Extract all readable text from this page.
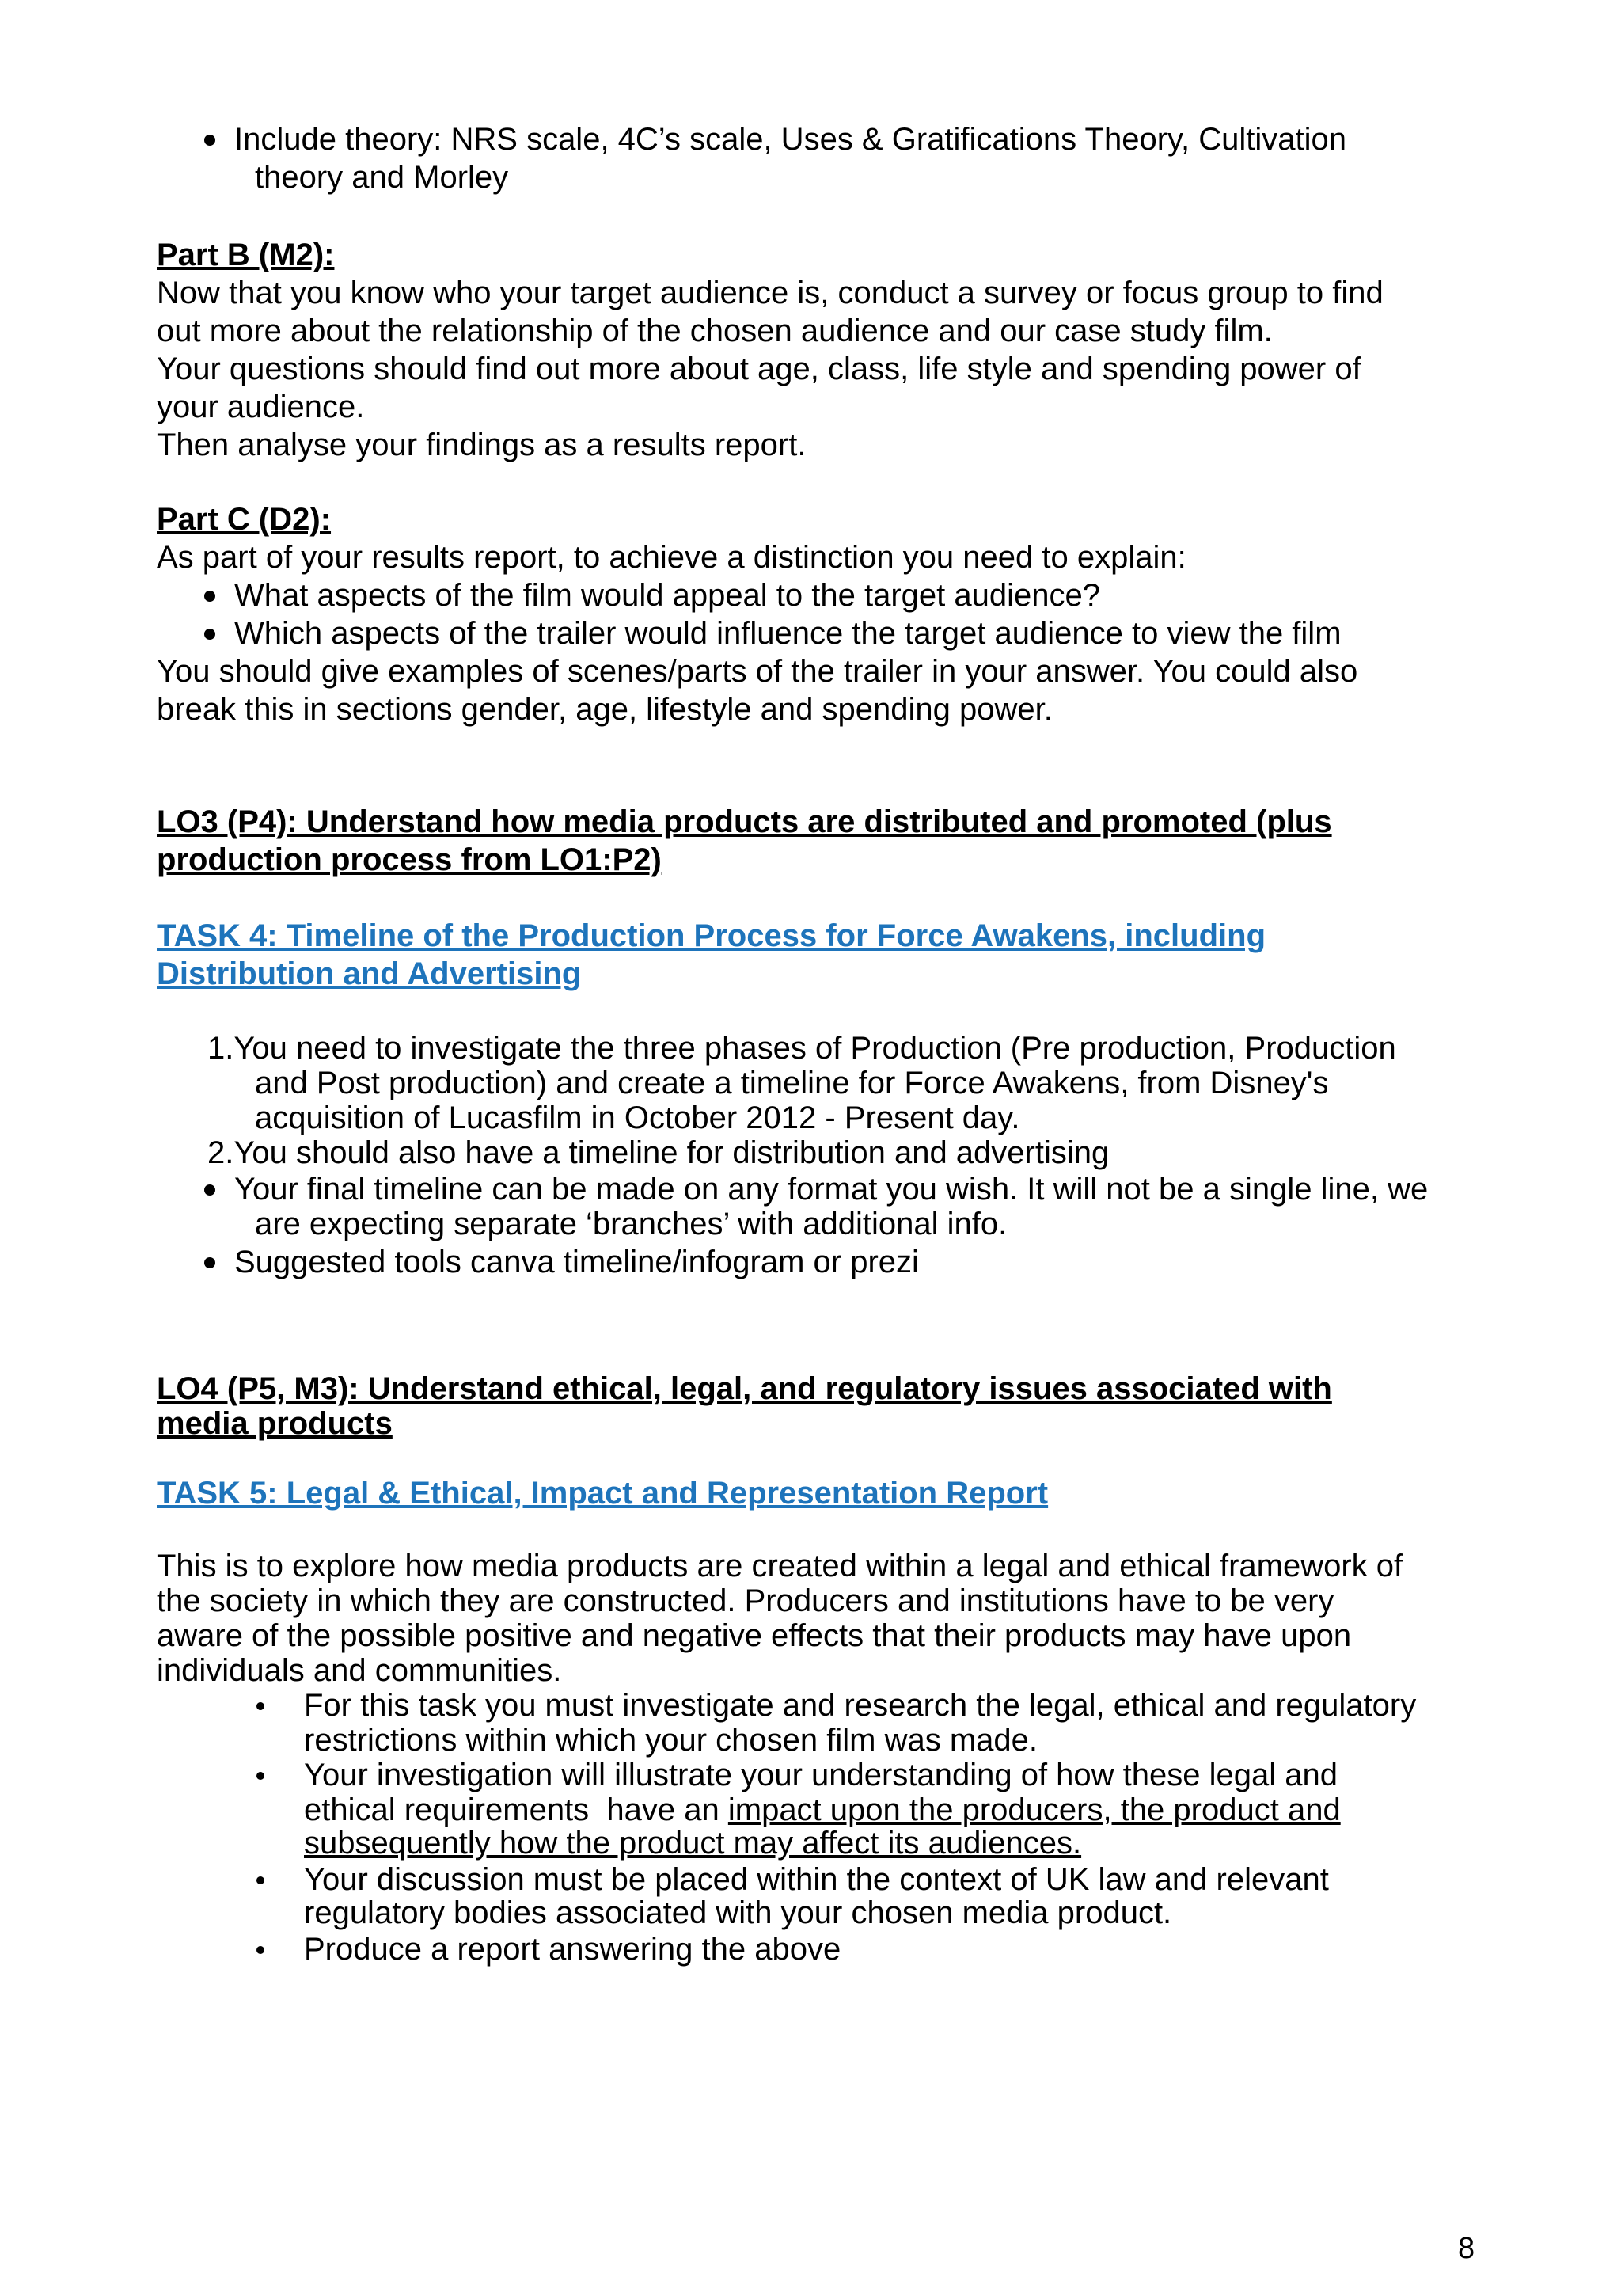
Include theory: NRS scale, 4C’s scale, Uses & Gratifications Theory, Cultivation
theory and Morley
Part B (M2):
Now that you know who your target audience is, conduct a survey or focus group to find
out more about the relationship of the chosen audience and our case study film.
Your questions should find out more about age, class, life style and spending power of
your audience.
Then analyse your findings as a results report.
Part C (D2):
As part of your results report, to achieve a distinction you need to explain:
What aspects of the film would appeal to the target audience?
Which aspects of the trailer would influence the target audience to view the film
You should give examples of scenes/parts of the trailer in your answer. You could also
break this in sections gender, age, lifestyle and spending power.
LO3 (P4): Understand how media products are distributed and promoted (plus
production process from LO1:P2)
TASK 4: Timeline of the Production Process for Force Awakens, including
Distribution and Advertising
1.You need to investigate the three phases of Production (Pre production, Production
and Post production) and create a timeline for Force Awakens, from Disney's
acquisition of Lucasfilm in October 2012 - Present day.
2.You should also have a timeline for distribution and advertising
Your final timeline can be made on any format you wish. It will not be a single line, we
are expecting separate ‘branches’ with additional info.
Suggested tools canva timeline/infogram or prezi
LO4 (P5, M3): Understand ethical, legal, and regulatory issues associated with
media products
TASK 5: Legal & Ethical, Impact and Representation Report
This is to explore how media products are created within a legal and ethical framework of
the society in which they are constructed. Producers and institutions have to be very
aware of the possible positive and negative effects that their products may have upon
individuals and communities.
For this task you must investigate and research the legal, ethical and regulatory
restrictions within which your chosen film was made.
Your investigation will illustrate your understanding of how these legal and
ethical requirements  have an impact upon the producers, the product and
subsequently how the product may affect its audiences.
Your discussion must be placed within the context of UK law and relevant
regulatory bodies associated with your chosen media product.
Produce a report answering the above
8
